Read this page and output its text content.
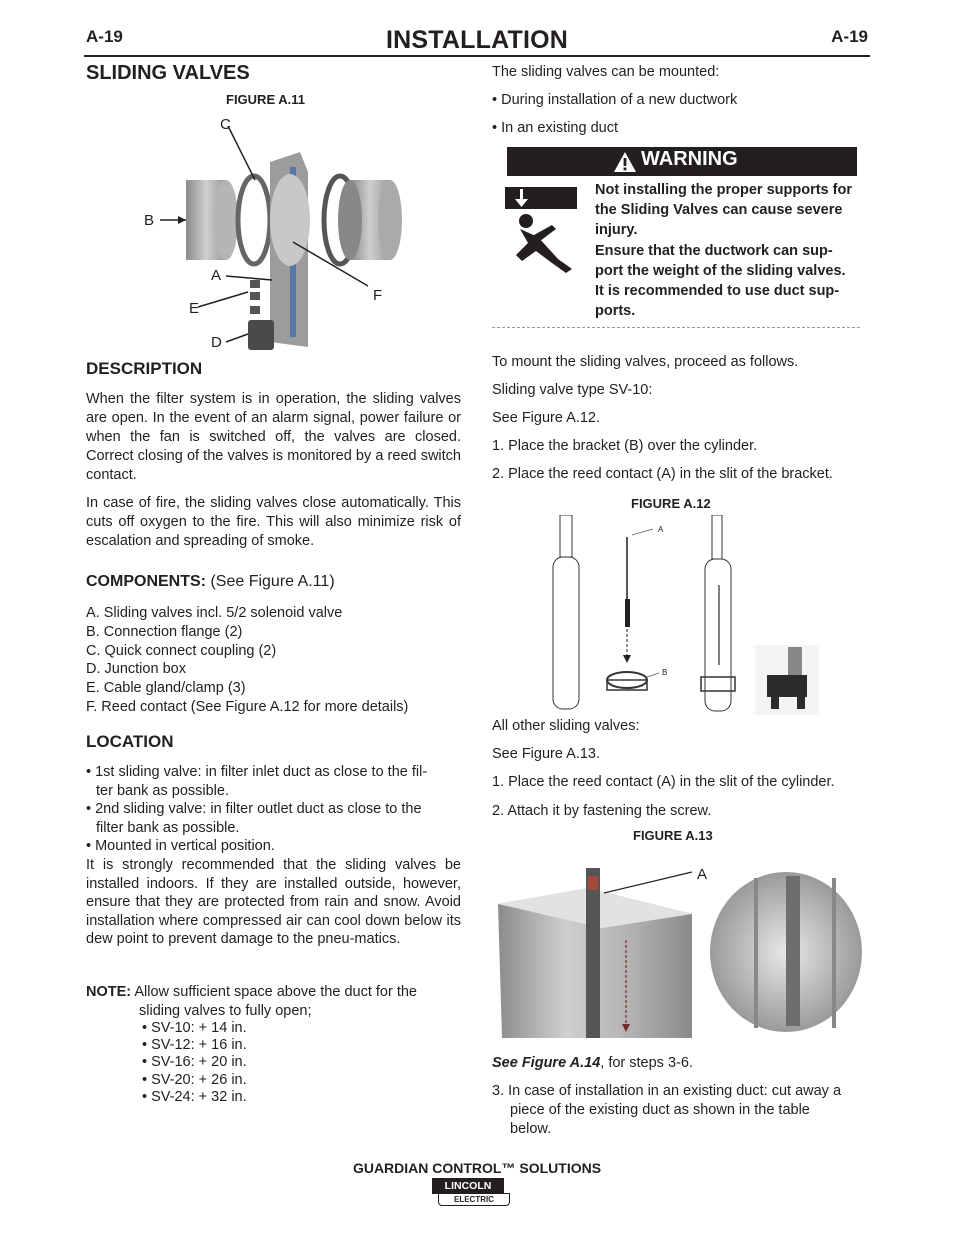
A-19	INSTALLATION	A-19
SLIDING VALVES
FIGURE A.11
C
B
A
F
E
D
DESCRIPTION
When the filter system is in operation, the sliding valves are open. In the event of an alarm signal, power failure or when the fan is switched off, the valves are closed. Correct closing of the valves is monitored by a reed switch contact.
In case of fire, the sliding valves close automatically. This cuts off oxygen to the fire. This will also minimize risk of escalation and spreading of smoke.
COMPONENTS: (See Figure A.11)
A. Sliding valves incl. 5/2 solenoid valve
B. Connection flange (2)
C. Quick connect coupling (2)
D. Junction box
E. Cable gland/clamp (3)
F. Reed contact (See Figure A.12 for more details)
LOCATION
• 1st sliding valve: in filter inlet duct as close to the fil-
ter bank as possible.
• 2nd sliding valve: in filter outlet duct as close to the
filter bank as possible.
• Mounted in vertical position.
It is strongly recommended that the sliding valves be installed indoors. If they are installed outside, however, ensure that they are protected from rain and snow. Avoid installation where compressed air can cool down below its dew point to prevent damage to the pneu-matics.
NOTE: Allow sufficient space above the duct for the
sliding valves to fully open;
• SV-10: + 14 in.
• SV-12: + 16 in.
• SV-16: + 20 in.
• SV-20: + 26 in.
• SV-24: + 32 in.
The sliding valves can be mounted:
• During installation of a new ductwork
• In an existing duct
WARNING
Not installing the proper supports for
the Sliding Valves can cause severe
injury.
Ensure that the ductwork can sup-
port the weight of the sliding valves.
It is recommended to use duct sup-
ports.
To mount the sliding valves, proceed as follows.
Sliding valve type SV-10:
See Figure A.12.
1. Place the bracket (B) over the cylinder.
2. Place the reed contact (A) in the slit of the bracket.
FIGURE A.12
A
B
All other sliding valves:
See Figure A.13.
1. Place the reed contact (A) in the slit of the cylinder.
2. Attach it by fastening the screw.
FIGURE A.13
A
See Figure A.14, for steps 3-6.
3. In case of installation in an existing duct: cut away a
piece of the existing duct as shown in the table
below.
GUARDIAN CONTROL™ SOLUTIONS
LINCOLN
ELECTRIC
